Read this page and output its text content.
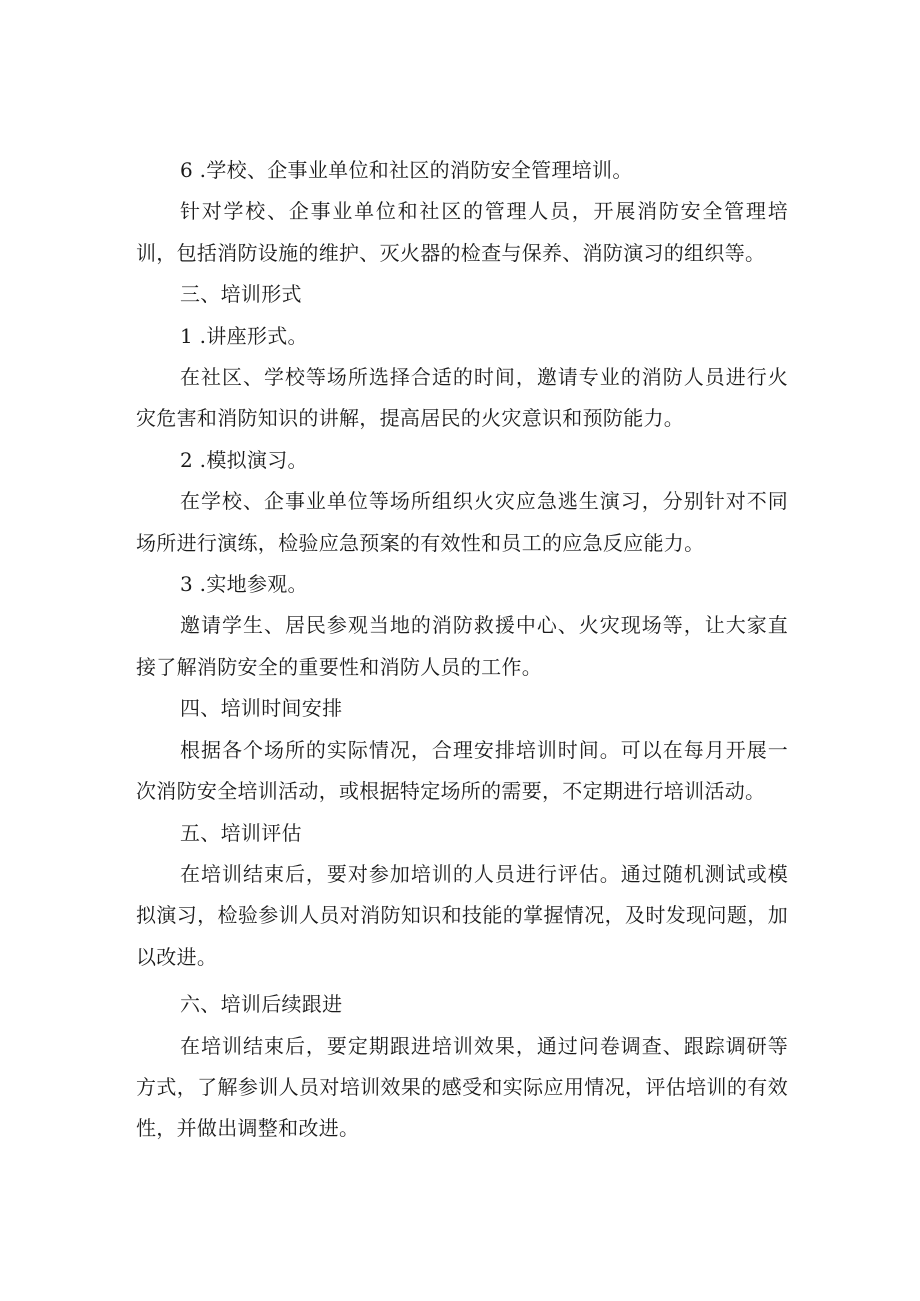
6 .学校、企事业单位和社区的消防安全管理培训。

针对学校、企事业单位和社区的管理人员，开展消防安全管理培训，包括消防设施的维护、灭火器的检查与保养、消防演习的组织等。

三、培训形式

1 .讲座形式。

在社区、学校等场所选择合适的时间，邀请专业的消防人员进行火灾危害和消防知识的讲解，提高居民的火灾意识和预防能力。

2 .模拟演习。

在学校、企事业单位等场所组织火灾应急逃生演习，分别针对不同场所进行演练，检验应急预案的有效性和员工的应急反应能力。

3 .实地参观。

邀请学生、居民参观当地的消防救援中心、火灾现场等，让大家直接了解消防安全的重要性和消防人员的工作。

四、培训时间安排

根据各个场所的实际情况，合理安排培训时间。可以在每月开展一次消防安全培训活动，或根据特定场所的需要，不定期进行培训活动。

五、培训评估

在培训结束后，要对参加培训的人员进行评估。通过随机测试或模拟演习，检验参训人员对消防知识和技能的掌握情况，及时发现问题，加以改进。

六、培训后续跟进

在培训结束后，要定期跟进培训效果，通过问卷调查、跟踪调研等方式，了解参训人员对培训效果的感受和实际应用情况，评估培训的有效性，并做出调整和改进。
